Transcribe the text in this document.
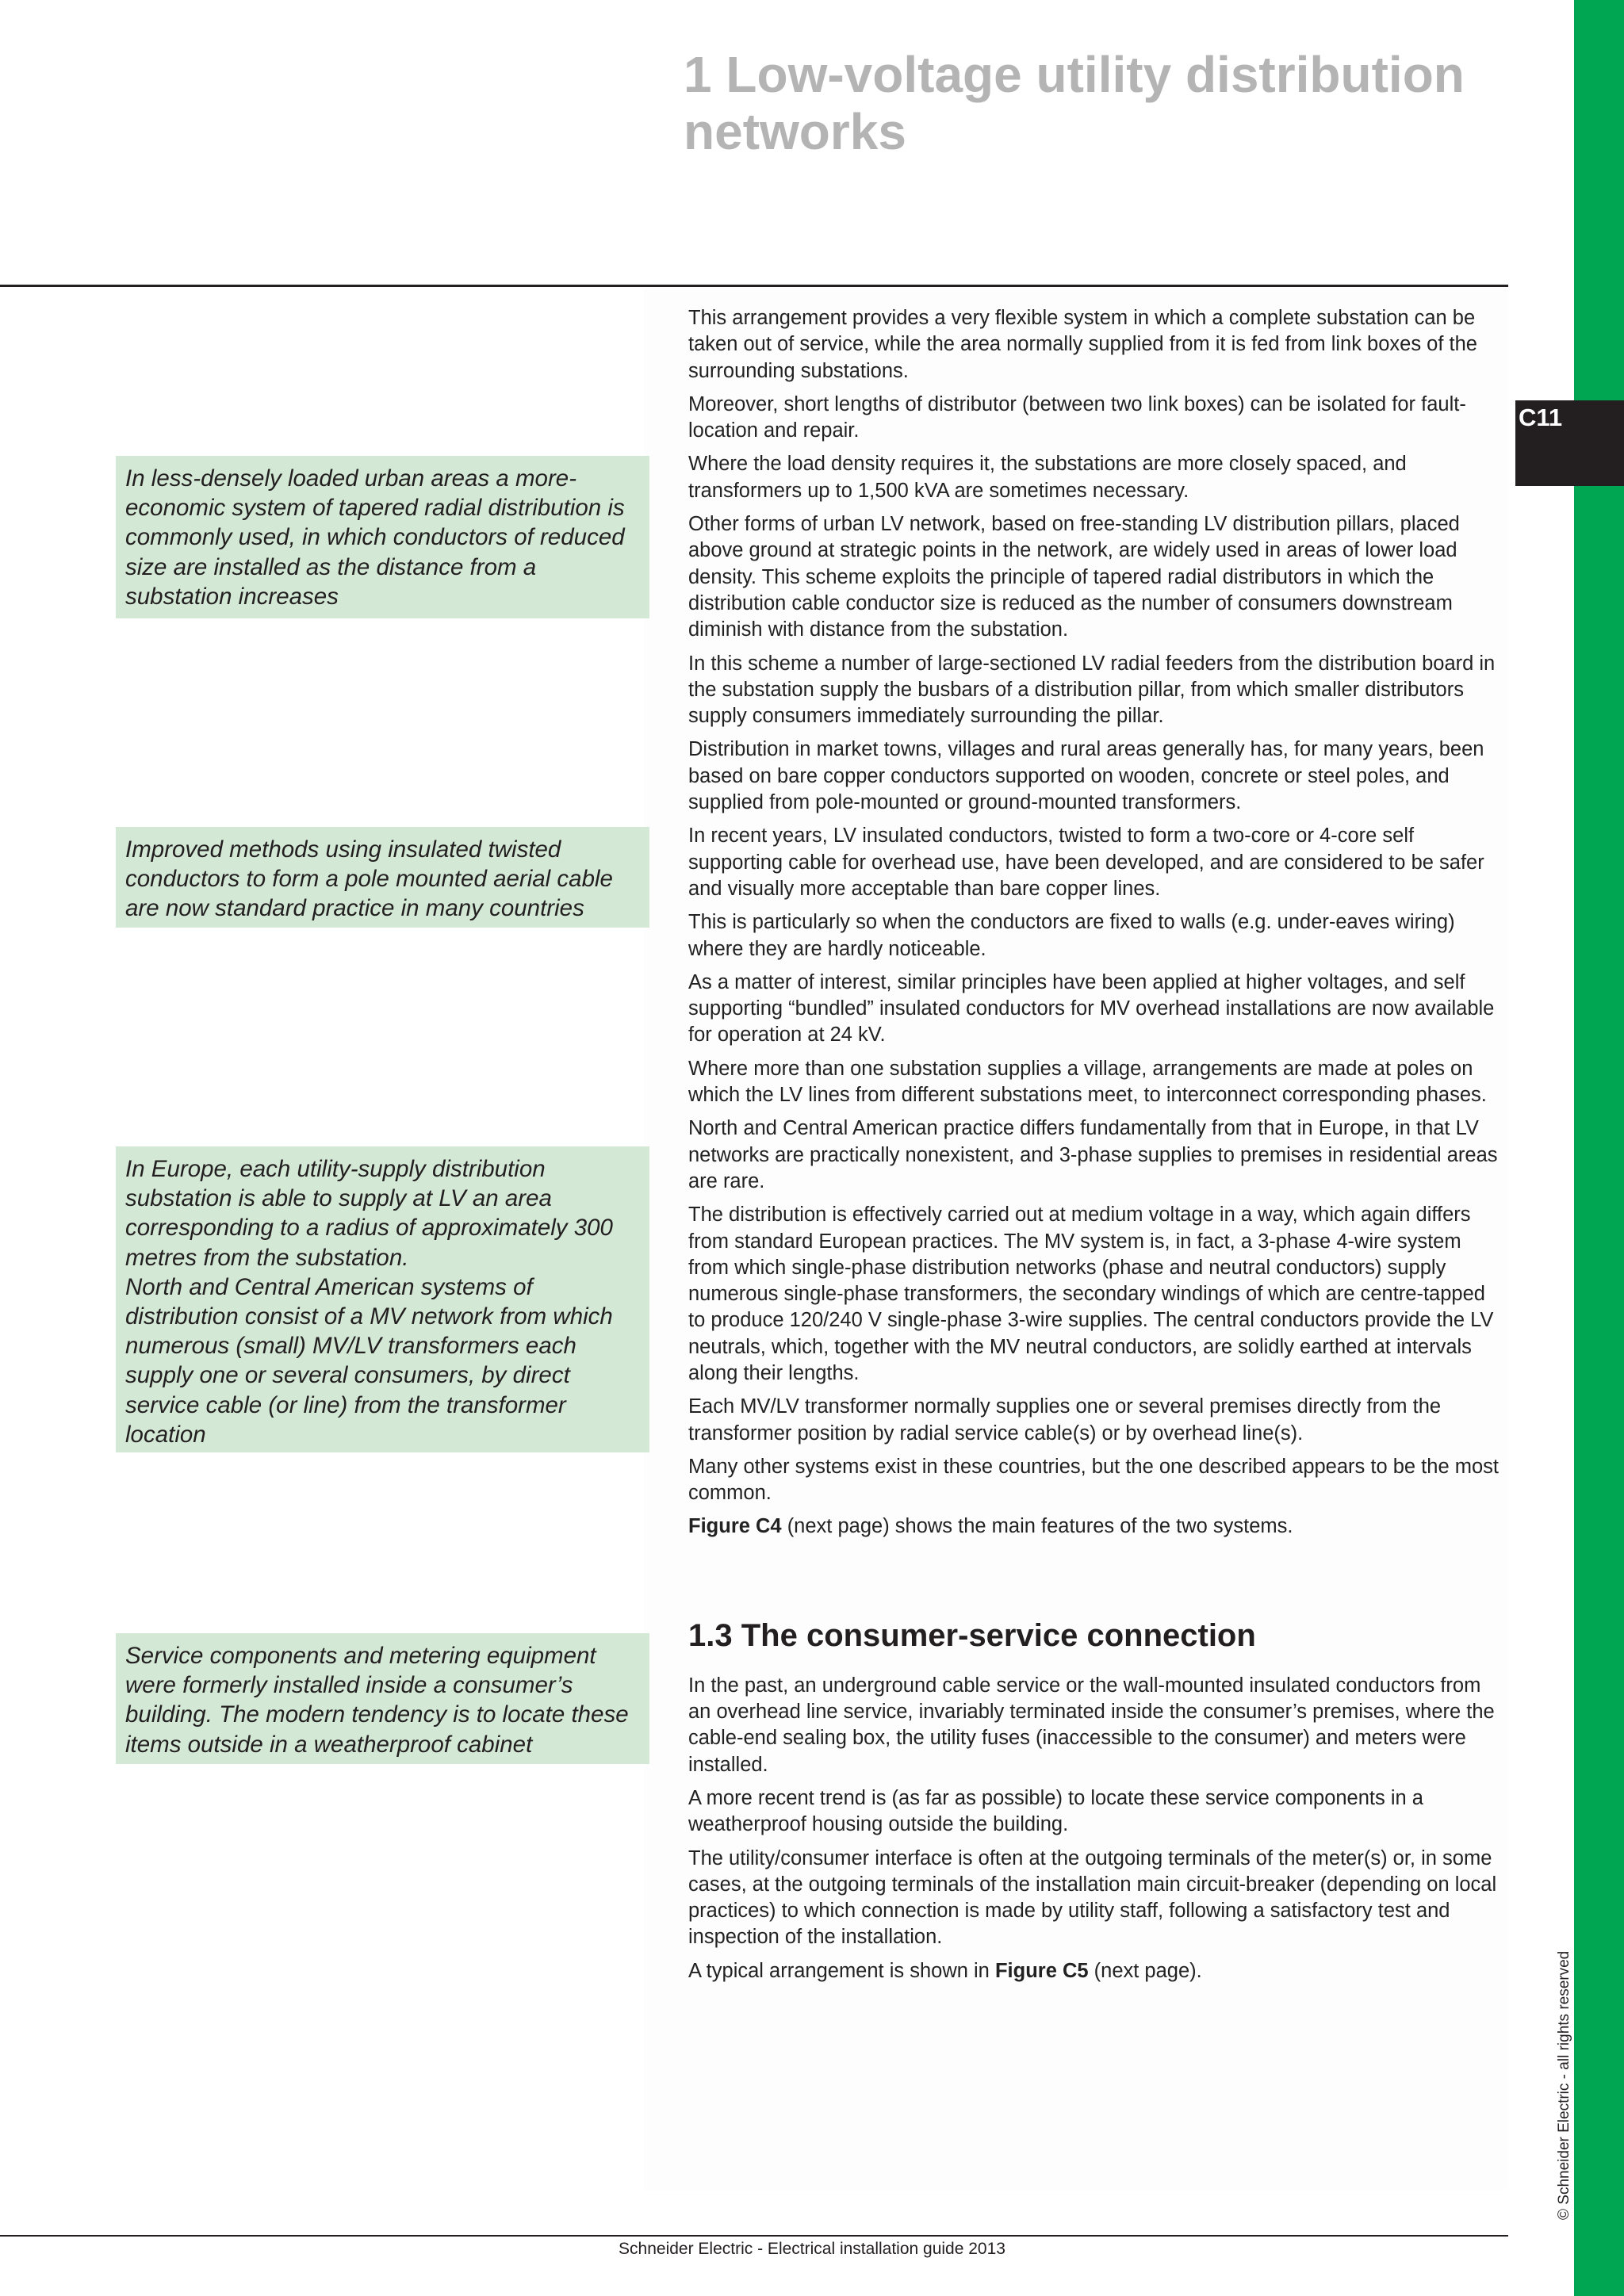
C11
1 Low-voltage utility distribution
networks

This arrangement provides a very flexible system in which a complete substation can be taken out of service, while the area normally supplied from it is fed from link boxes of the surrounding substations.

Moreover, short lengths of distributor (between two link boxes) can be isolated for fault-location and repair.

Where the load density requires it, the substations are more closely spaced, and transformers up to 1,500 kVA are sometimes necessary.

Other forms of urban LV network, based on free-standing LV distribution pillars, placed above ground at strategic points in the network, are widely used in areas of lower load density. This scheme exploits the principle of tapered radial distributors in which the distribution cable conductor size is reduced as the number of consumers downstream diminish with distance from the substation.

In this scheme a number of large-sectioned LV radial feeders from the distribution board in the substation supply the busbars of a distribution pillar, from which smaller distributors supply consumers immediately surrounding the pillar.

Distribution in market towns, villages and rural areas generally has, for many years, been based on bare copper conductors supported on wooden, concrete or steel poles, and supplied from pole-mounted or ground-mounted transformers.

In recent years, LV insulated conductors, twisted to form a two-core or 4-core self supporting cable for overhead use, have been developed, and are considered to be safer and visually more acceptable than bare copper lines.

This is particularly so when the conductors are fixed to walls (e.g. under-eaves wiring) where they are hardly noticeable.

As a matter of interest, similar principles have been applied at higher voltages, and self supporting “bundled” insulated conductors for MV overhead installations are now available for operation at 24 kV.

Where more than one substation supplies a village, arrangements are made at poles on which the LV lines from different substations meet, to interconnect corresponding phases.

North and Central American practice differs fundamentally from that in Europe, in that LV networks are practically nonexistent, and 3-phase supplies to premises in residential areas are rare.

The distribution is effectively carried out at medium voltage in a way, which again differs from standard European practices. The MV system is, in fact, a 3-phase 4-wire system from which single-phase distribution networks (phase and neutral conductors) supply numerous single-phase transformers, the secondary windings of which are centre-tapped to produce 120/240 V single-phase 3-wire supplies. The central conductors provide the LV neutrals, which, together with the MV neutral conductors, are solidly earthed at intervals along their lengths.

Each MV/LV transformer normally supplies one or several premises directly from the transformer position by radial service cable(s) or by overhead line(s).

Many other systems exist in these countries, but the one described appears to be the most common.

Figure C4 (next page) shows the main features of the two systems.

1.3 The consumer-service connection

In the past, an underground cable service or the wall-mounted insulated conductors from an overhead line service, invariably terminated inside the consumer’s premises, where the cable-end sealing box, the utility fuses (inaccessible to the consumer) and meters were installed.

A more recent trend is (as far as possible) to locate these service components in a weatherproof housing outside the building.

The utility/consumer interface is often at the outgoing terminals of the meter(s) or, in some cases, at the outgoing terminals of the installation main circuit-breaker (depending on local practices) to which connection is made by utility staff, following a satisfactory test and inspection of the installation.

A typical arrangement is shown in Figure C5 (next page).

In less-densely loaded urban areas a more-economic system of tapered radial distribution is commonly used, in which conductors of reduced size are installed as the distance from a substation increases
Improved methods using insulated twisted conductors to form a pole mounted aerial cable are now standard practice in many countries
In Europe, each utility-supply distribution substation is able to supply at LV an area corresponding to a radius of approximately 300 metres from the substation.
North and Central American systems of distribution consist of a MV network from which numerous (small) MV/LV transformers each supply one or several consumers, by direct service cable (or line) from the transformer location
Service components and metering equipment were formerly installed inside a consumer’s building. The modern tendency is to locate these items outside in a weatherproof cabinet

Schneider Electric - Electrical installation guide 2013

© Schneider Electric - all rights reserved
